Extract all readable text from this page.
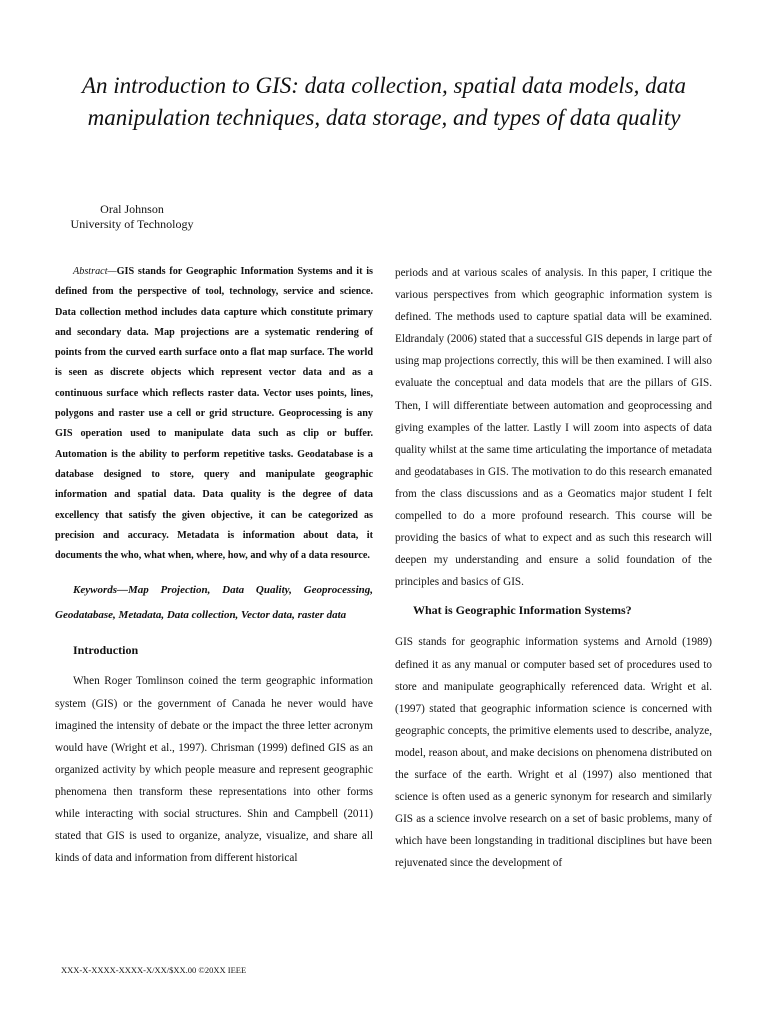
An introduction to GIS: data collection, spatial data models, data manipulation techniques, data storage, and types of data quality
Oral Johnson
University of Technology

Abstract—GIS stands for Geographic Information Systems and it is defined from the perspective of tool, technology, service and science. Data collection method includes data capture which constitute primary and secondary data. Map projections are a systematic rendering of points from the curved earth surface onto a flat map surface. The world is seen as discrete objects which represent vector data and as a continuous surface which reflects raster data. Vector uses points, lines, polygons and raster use a cell or grid structure. Geoprocessing is any GIS operation used to manipulate data such as clip or buffer. Automation is the ability to perform repetitive tasks. Geodatabase is a database designed to store, query and manipulate geographic information and spatial data. Data quality is the degree of data excellency that satisfy the given objective, it can be categorized as precision and accuracy. Metadata is information about data, it documents the who, what when, where, how, and why of a data resource.

Keywords—Map Projection, Data Quality, Geoprocessing, Geodatabase, Metadata, Data collection, Vector data, raster data

Introduction

When Roger Tomlinson coined the term geographic information system (GIS) or the government of Canada he never would have imagined the intensity of debate or the impact the three letter acronym would have (Wright et al., 1997). Chrisman (1999) defined GIS as an organized activity by which people measure and represent geographic phenomena then transform these representations into other forms while interacting with social structures. Shin and Campbell (2011) stated that GIS is used to organize, analyze, visualize, and share all kinds of data and information from different historical

periods and at various scales of analysis. In this paper, I critique the various perspectives from which geographic information system is defined. The methods used to capture spatial data will be examined. Eldrandaly (2006) stated that a successful GIS depends in large part of using map projections correctly, this will be then examined. I will also evaluate the conceptual and data models that are the pillars of GIS. Then, I will differentiate between automation and geoprocessing and giving examples of the latter. Lastly I will zoom into aspects of data quality whilst at the same time articulating the importance of metadata and geodatabases in GIS. The motivation to do this research emanated from the class discussions and as a Geomatics major student I felt compelled to do a more profound research. This course will be providing the basics of what to expect and as such this research will deepen my understanding and ensure a solid foundation of the principles and basics of GIS.

What is Geographic Information Systems?

GIS stands for geographic information systems and Arnold (1989) defined it as any manual or computer based set of procedures used to store and manipulate geographically referenced data. Wright et al. (1997) stated that geographic information science is concerned with geographic concepts, the primitive elements used to describe, analyze, model, reason about, and make decisions on phenomena distributed on the surface of the earth. Wright et al (1997) also mentioned that science is often used as a generic synonym for research and similarly GIS as a science involve research on a set of basic problems, many of which have been longstanding in traditional disciplines but have been rejuvenated since the development of

XXX-X-XXXX-XXXX-X/XX/$XX.00 ©20XX IEEE
